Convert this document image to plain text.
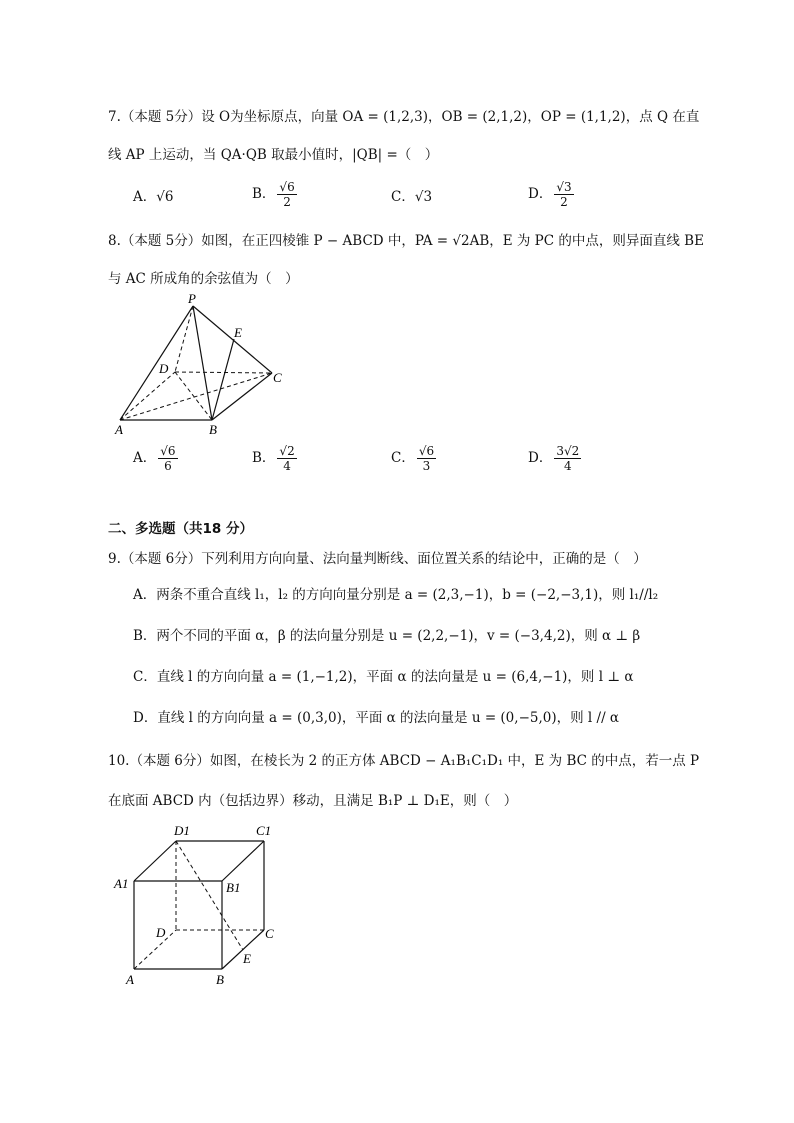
7.（本题 5分）设 O为坐标原点，向量 OA = (1,2,3)，OB = (2,1,2)，OP = (1,1,2)，点 Q 在直
线 AP 上运动，当 QA·QB 取最小值时，|QB| =（　）
A．√6	B． $\frac{√6}{2}$	C．√3	D． $\frac{√3}{2}$
8.（本题 5分）如图，在正四棱锥 P − ABCD 中，PA = √2AB，E 为 PC 的中点，则异面直线 BE
与 AC 所成角的余弦值为（　）
P
E
D
C
A	B
A． $\frac{√6}{6}$	B． $\frac{√2}{4}$	C． $\frac{√6}{3}$	D． $\frac{3√2}{4}$
二、多选题（共18 分）
9.（本题 6分）下列利用方向向量、法向量判断线、面位置关系的结论中，正确的是（　）
A．两条不重合直线 l₁，l₂ 的方向向量分别是 a = (2,3,−1)，b = (−2,−3,1)，则 l₁//l₂
B．两个不同的平面 α，β 的法向量分别是 u = (2,2,−1)，v = (−3,4,2)，则 α ⊥ β
C．直线 l 的方向向量 a = (1,−1,2)，平面 α 的法向量是 u = (6,4,−1)，则 l ⊥ α
D．直线 l 的方向向量 a = (0,3,0)，平面 α 的法向量是 u = (0,−5,0)，则 l // α
10.（本题 6分）如图，在棱长为 2 的正方体 ABCD − A₁B₁C₁D₁ 中，E 为 BC 的中点，若一点 P
在底面 ABCD 内（包括边界）移动，且满足 B₁P ⊥ D₁E，则（　）
D1	C1
A1	B1
D	C
E
A	B
